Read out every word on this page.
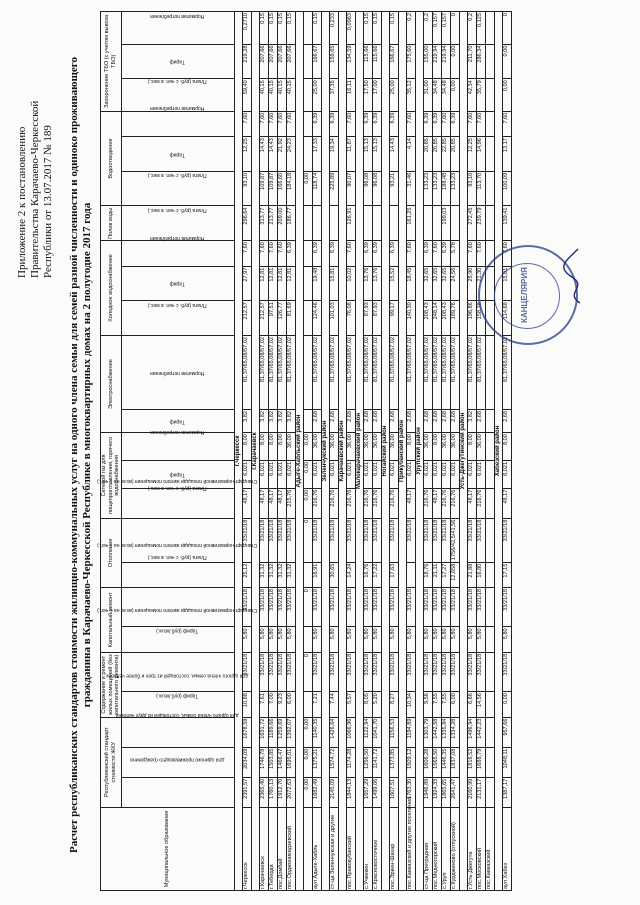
Приложение 2 к постановлению Правительства Карачаево-Черкесской Республики от 13.07.2017 № 189 Расчет республиканских стандартов стоимости жилищно-коммунальных услуг на одного члена семьи для семей разной численности и одиноко проживающего гражданина в Карачаево-Черкесской Республике в многоквартирных домах на 2 полугодие 2017 года
Муниципальное образование	Республиканский стандарт стоимости ЖКУ			Содержание и ремонт жилых помещений (без капитального ремонта)		Капитальный ремонт		Отопление		Сетевой газ для пищеприготовления, горячего водоснабжения			Электроснабжение		Холодное водоснабжение			Полив воды	Водоотведение			Захоронение ТБО (с учетом вывоза ТБО)		
	для одиноко проживающего гражданина	для одного члена семьи, состоящей из двух человек	для одного члена семьи, состоящей из трех и более человек	Тариф (руб./кв.м.)	Стандарт нормативной площади жилого помещения (кв.м. на 1 чел.)	Тариф (руб./кв.м.)	Стандарт нормативной площади жилого помещения (кв.м. на 1 чел.)	Плата (руб. с чел. в мес.)	Стандарт нормативной площади жилого помещения (кв.м. на 1 чел.)	Плата (руб. с чел. в мес.)	Тариф	Норматив потребления	Тариф	Норматив потребления	Плата (руб. с чел. в мес.)	Тариф	Норматив потребления	Плата (руб. с чел. в мес.)	Плата (руб. с чел. в мес.)	Тариф	Норматив потребления	Плата (руб. с чел. в мес.)	Тариф	Норматив потребления
г.Черкесск																								
г.Черкесск	2391,57	2034,09	1678,59	10,88	33/21/18	5,80	33/21/18	25,12	33/21/18	48,17	6,021	8,00	3,82	81,37/65,08/57,02	212,57	27,97	7,60	296,64	93,10	12,25	7,60	59,40	219,28	0,2710
г.Карачаевск																								
г.Карачаевск	2365,40	1746,78	1631,72	7,61	33/21/18	5,80	33/21/18	31,32	33/21/18	48,17	6,021	8,00	3,82	81,37/65,08/57,02	212,57	12,81	7,60	313,77	109,87	14,43	7,60	40,15	207,66	0,15
г.Теберда	1760,13	1503,85	1189,66	7,00	33/21/18	5,80	33/21/18	31,32	33/21/18	48,17	6,021	8,00	3,82	81,37/65,08/57,02	97,51	12,81	7,60	213,77	109,87	14,43	7,60	40,15	207,66	0,15
пос.Домбай	1912,70	1466,47	1259,69	9,23	33/21/18	5,80	33/21/18	31,32	33/21/18	48,17	6,021	8,00	3,82	81,37/65,08/57,02	126,77	12,81	7,60	209,00	166,60	21,92	7,60	40,15	207,66	0,15
пос.Орджоникидзевский	2072,63	1695,01	1392,07	6,00	33/21/18	5,80	33/21/18	31,32	33/21/18	215,76	6,021	36,00	3,82	81,37/65,08/57,02	81,69	12,81	6,39	186,77	184,18	24,23	7,60	40,15	207,66	0,15
Адыге-Хабльский район																								
	0,00	0,00	0,00		0		0		0	0,00	0,00	0,00							0,00					
аул Адыге-Хабль	1682,49	1375,21	1140,35	7,21	33/21/18	5,80	33/21/18	16,91	33/21/18	216,76	6,021	36,00	2,68	81,37/65,08/57,02	124,46	19,48	6,39		118,74	17,33	6,39	25,00	166,67	0,15
Зеленчукский район																								
ст-ца Зеленчукская и другие	2145,09	1574,72	1426,64	7,44	33/21/18	5,80	33/21/18	30,65	33/21/18	216,76	6,021	36,00	2,68	81,37/65,08/57,02	101,03	15,81	6,39		225,89	19,34	6,39	37,35	159,65	0,233
Карачаевский район																								
пос.Правокубанский	1844,13	1174,28	1066,96	5,57	33/21/18	5,80	33/21/18	14,24	33/21/18	216,76	6,021	36,00	2,68	81,37/65,08/57,02	76,08	10,02	7,60	126,91	90,07	11,87	7,60	16,11	134,59	0,0963
Малокарачаевский район																								
с.Учкекен	1657,29	1256,50	1122,94	8,05	33/21/18	5,80	33/21/18	16,76	33/21/18	216,76	6,021	36,00	2,68	81,37/65,08/57,02	87,93	13,76	6,39		96,08	15,13	6,39	17,50	115,66	0,15
с.Красновосточное	1499,06	1141,72	1041,70	5,20	33/21/18	5,80	33/21/18	17,22	33/21/18	216,76	6,021	36,00	2,68	81,37/65,08/57,02	87,93	13,76	6,39		96,08	15,13	6,39	17,00	115,66	0,15
Ногайский район																								
пос.Эркен-Шахар	1607,51	1373,85	1156,53	8,27	33/21/18	5,80	33/21/18	17,63	33/21/18	216,76	6,021	36,00	2,68	81,37/65,08/57,02	99,17	15,52	6,39		93,21	14,43	6,39	25,00	166,67	0,15
Прикубанский район																								
пос.Кавказский и другие поселения	1763,30	1509,12	1194,89	10,34	33/21/18	5,80	33/21/18		33/21/18	48,17	6,021	8,00	2,68	81,37/65,08/57,02	140,30	18,45	7,60	161,25	31,46	4,14	7,60	35,12	175,60	0,2
Урупский район																								
ст-ца Преградная	1946,89	1606,28	1303,79	9,56	33/21/18	5,80	33/21/18	18,76	33/21/18	216,76	6,021	36,00	2,68	81,37/65,08/57,02	208,43	32,65	6,39		133,23	20,85	6,39	31,00	155,00	0,2
пос.Медногорский	1924,33	1565,50	1442,58	7,55	33/21/18	5,80	33/21/18	21,11	33/21/18	48,17	6,021	8,00	2,68	81,37/65,08/57,02	248,14	32,65	7,60		133,23	20,85	6,39	34,48	219,94	0,157
с.Уруп	1865,65	1446,35	1335,84	7,55	33/21/18	5,80	33/21/18	17,27	33/21/18	216,76	6,021	36,00	2,68	81,37/65,08/57,02	208,43	32,65	6,39	199,03	188,48	22,85	7,60	34,48	219,94	0,157
с.Курджиново (отпускной)	2641,47	1837,08	1334,28	6,00	33/21/18	5,80	33/21/18	12,658	1756/42,5/41,56	216,76	6,021	36,00	2,68	81,37/65,08/57,02	189,76	24,56	5,78		133,23	20,85	6,39	0,00	0,00	0
Усть-Джегутинский район																								
г.Усть-Джегута	2160,99	1816,52	1496,94	6,66	33/21/18	5,80	33/21/18	21,88	33/21/18	48,17	6,021	8,00	3,82	81,37/65,08/57,02	196,86	25,90	7,60	272,45	93,10	12,25	7,60	42,34	211,70	0,2
пос.Московский	2131,17	1688,79	1442,23	14,56	33/21/18	5,80	33/21/18	16,80	33/21/18	216,76	6,021	36,00	2,68	81,37/65,08/57,02	158,28	21,30	7,60	239,79	113,70	14,96	7,60	35,79	286,34	0,125
пос.Кавказский																								
Хабезский район																								
аул Хабез	1387,17	1048,11	957,66	0,00	33/21/18	5,80	33/21/18	17,15	33/21/18	48,17	6,021	8,00	2,68	81,37/65,08/57,02	114,68	15,01	7,60	139,41	100,09	13,17	7,60	0,00	0,00	0
КАНЦЕЛЯРИЯ
